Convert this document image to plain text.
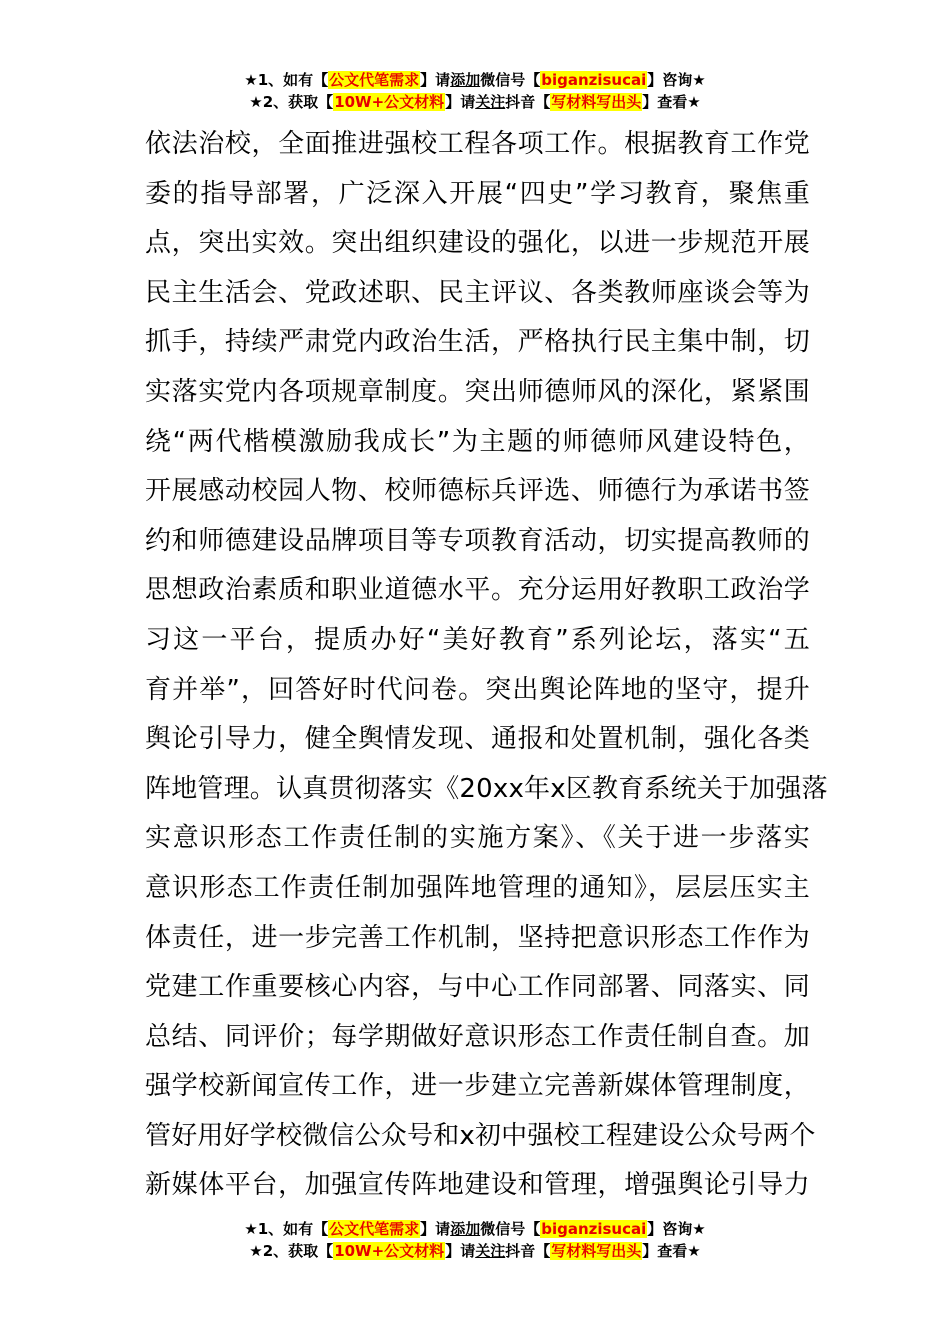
★1、如有【公文代笔需求】请添加微信号【biganzisucai】咨询★
★2、获取【10W+公文材料】请关注抖音【写材料写出头】查看★
依法治校，全面推进强校工程各项工作。根据教育工作党
委的指导部署，广泛深入开展“四史”学习教育，聚焦重
点，突出实效。突出组织建设的强化，以进一步规范开展
民主生活会、党政述职、民主评议、各类教师座谈会等为
抓手，持续严肃党内政治生活，严格执行民主集中制，切
实落实党内各项规章制度。突出师德师风的深化，紧紧围
绕“两代楷模激励我成长”为主题的师德师风建设特色，
开展感动校园人物、校师德标兵评选、师德行为承诺书签
约和师德建设品牌项目等专项教育活动，切实提高教师的
思想政治素质和职业道德水平。充分运用好教职工政治学
习这一平台，提质办好“美好教育”系列论坛，落实“五
育并举”，回答好时代问卷。突出舆论阵地的坚守，提升
舆论引导力，健全舆情发现、通报和处置机制，强化各类
阵地管理。认真贯彻落实《20xx年x区教育系统关于加强落
实意识形态工作责任制的实施方案》、《关于进一步落实
意识形态工作责任制加强阵地管理的通知》，层层压实主
体责任，进一步完善工作机制，坚持把意识形态工作作为
党建工作重要核心内容，与中心工作同部署、同落实、同
总结、同评价；每学期做好意识形态工作责任制自查。加
强学校新闻宣传工作，进一步建立完善新媒体管理制度，
管好用好学校微信公众号和x初中强校工程建设公众号两个
新媒体平台，加强宣传阵地建设和管理，增强舆论引导力
★1、如有【公文代笔需求】请添加微信号【biganzisucai】咨询★
★2、获取【10W+公文材料】请关注抖音【写材料写出头】查看★
